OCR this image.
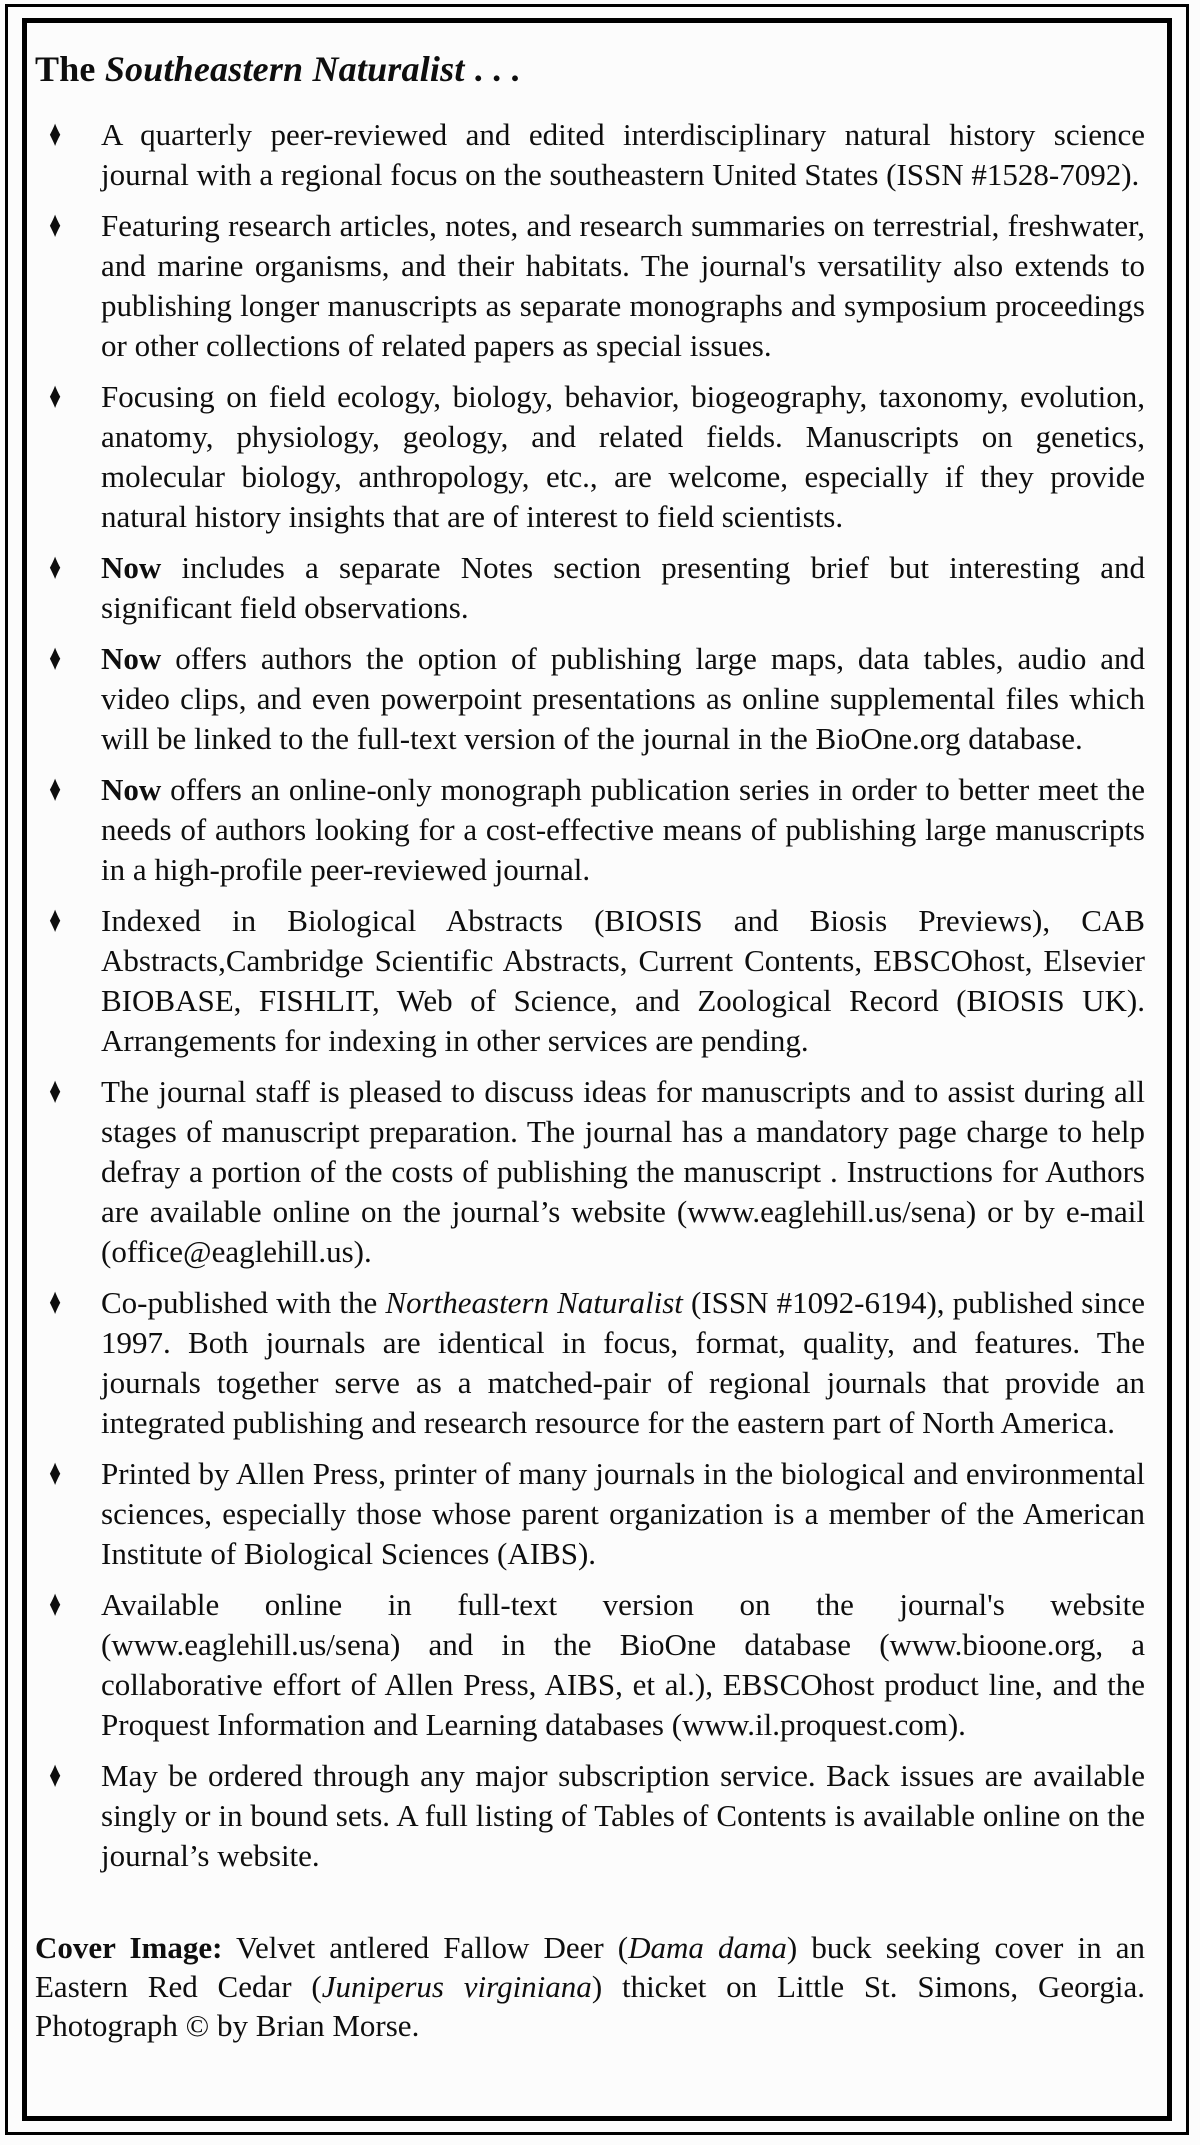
The Southeastern Naturalist . . .
♦	A quarterly peer-reviewed and edited interdisciplinary natural history science journal with a regional focus on the southeastern United States (ISSN #1528-7092).

♦	Featuring research articles, notes, and research summaries on terrestrial, freshwater, and marine organisms, and their habitats. The journal's versatility also extends to publishing longer manuscripts as separate monographs and symposium proceedings or other collections of related papers as special issues.

♦	Focusing on field ecology, biology, behavior, biogeography, taxonomy, evolution, anatomy, physiology, geology, and related fields. Manuscripts on genetics, molecular biology, anthropology, etc., are welcome, especially if they provide natural history insights that are of interest to field scientists.

♦	Now includes a separate Notes section presenting brief but interesting and significant field observations.

♦	Now offers authors the option of publishing large maps, data tables, audio and video clips, and even powerpoint presentations as online supplemental files which will be linked to the full-text version of the journal in the BioOne.org database.

♦	Now offers an online-only monograph publication series in order to better meet the needs of authors looking for a cost-effective means of publishing large manuscripts in a high-profile peer-reviewed journal.

♦	Indexed in Biological Abstracts (BIOSIS and Biosis Previews), CAB Abstracts,Cambridge Scientific Abstracts, Current Contents, EBSCOhost, Elsevier BIOBASE, FISHLIT, Web of Science, and Zoological Record (BIOSIS UK). Arrangements for indexing in other services are pending.

♦	The journal staff is pleased to discuss ideas for manuscripts and to assist during all stages of manuscript preparation. The journal has a mandatory page charge to help defray a portion of the costs of publishing the manuscript . Instructions for Authors are available online on the journal’s website (www.eaglehill.us/sena) or by e-mail (office@eaglehill.us).

♦	Co-published with the Northeastern Naturalist (ISSN #1092-6194), published since 1997. Both journals are identical in focus, format, quality, and features. The journals together serve as a matched-pair of regional journals that provide an integrated publishing and research resource for the eastern part of North America.

♦	Printed by Allen Press, printer of many journals in the biological and environmental sciences, especially those whose parent organization is a member of the American Institute of Biological Sciences (AIBS).

♦	Available online in full-text version on the journal's website (www.eaglehill.us/sena) and in the BioOne database (www.bioone.org, a collaborative effort of Allen Press, AIBS, et al.), EBSCOhost product line, and the Proquest Information and Learning databases (www.il.proquest.com).

♦	May be ordered through any major subscription service. Back issues are available singly or in bound sets. A full listing of Tables of Contents is available online on the journal’s website.

Cover Image: Velvet antlered Fallow Deer (Dama dama) buck seeking cover in an Eastern Red Cedar (Juniperus virginiana) thicket on Little St. Simons, Georgia. Photograph © by Brian Morse.
